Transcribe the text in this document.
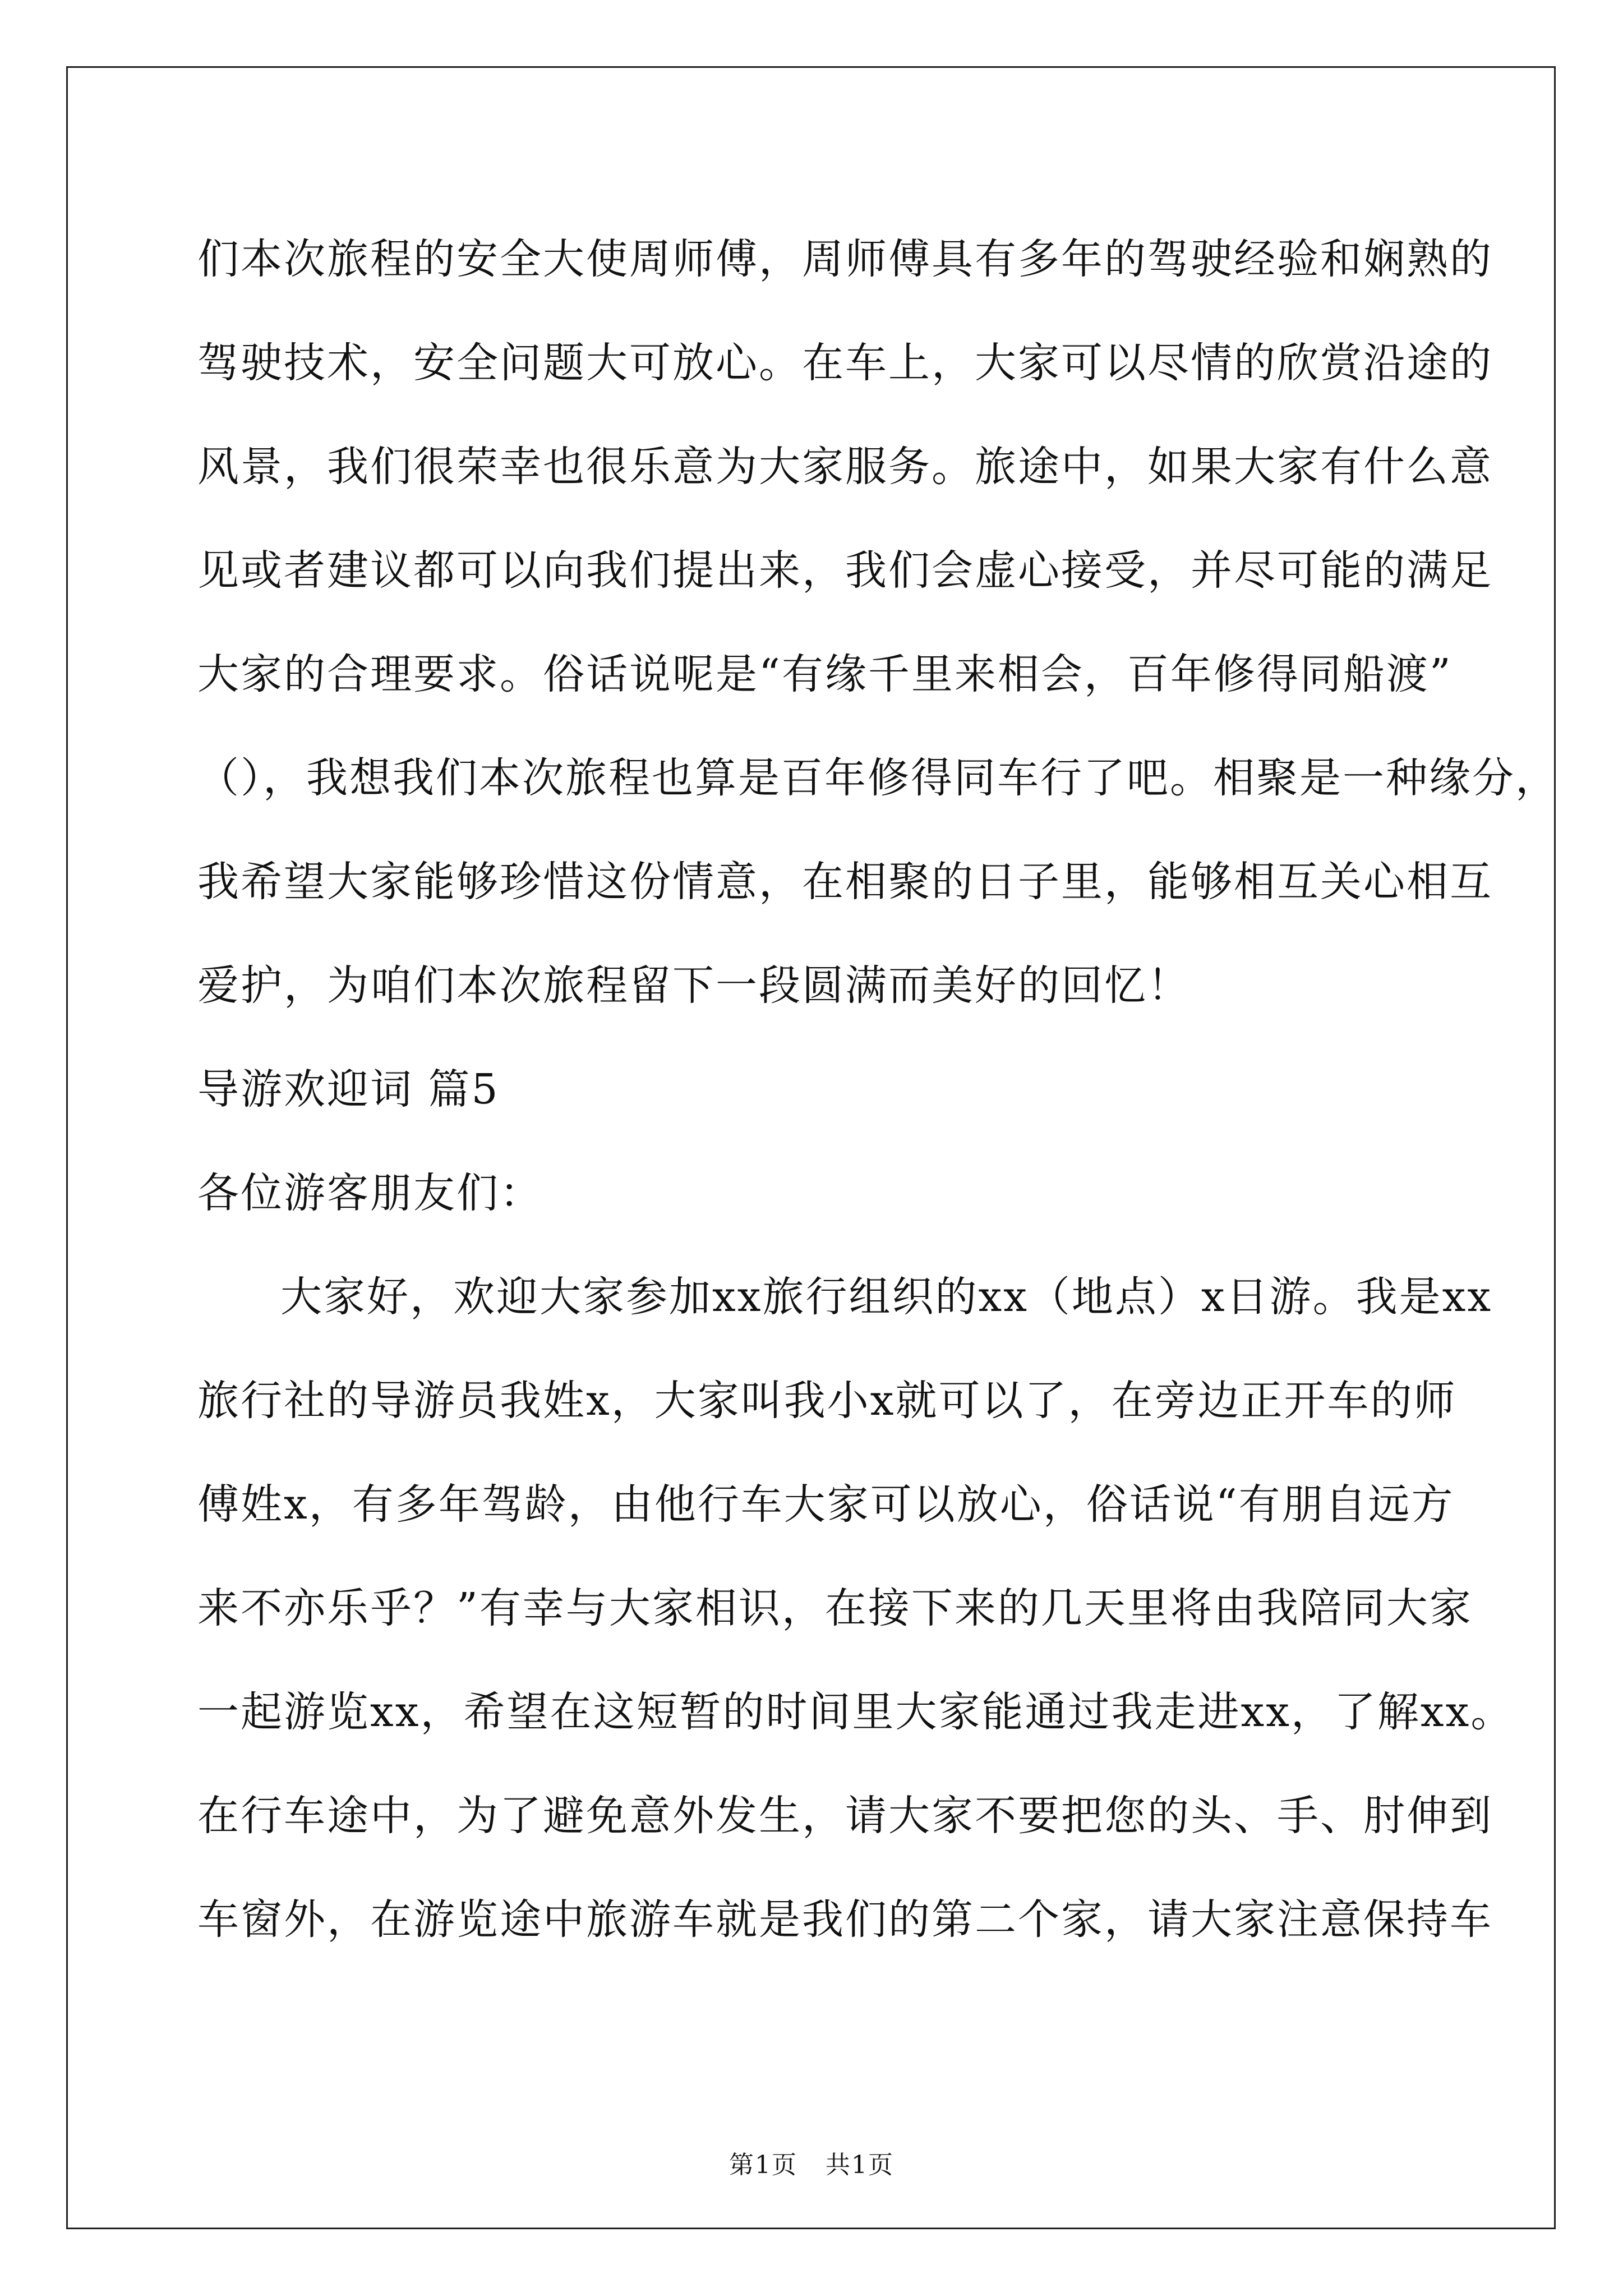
们本次旅程的安全大使周师傅，周师傅具有多年的驾驶经验和娴熟的
驾驶技术，安全问题大可放心。在车上，大家可以尽情的欣赏沿途的
风景，我们很荣幸也很乐意为大家服务。旅途中，如果大家有什么意
见或者建议都可以向我们提出来，我们会虚心接受，并尽可能的满足
大家的合理要求。俗话说呢是“有缘千里来相会，百年修得同船渡”
（），我想我们本次旅程也算是百年修得同车行了吧。相聚是一种缘分，
我希望大家能够珍惜这份情意，在相聚的日子里，能够相互关心相互
爱护，为咱们本次旅程留下一段圆满而美好的回忆！
导游欢迎词 篇5
各位游客朋友们：
大家好，欢迎大家参加xx旅行组织的xx（地点）x日游。我是xx
旅行社的导游员我姓x，大家叫我小x就可以了，在旁边正开车的师
傅姓x，有多年驾龄，由他行车大家可以放心，俗话说“有朋自远方
来不亦乐乎？”有幸与大家相识，在接下来的几天里将由我陪同大家
一起游览xx，希望在这短暂的时间里大家能通过我走进xx，了解xx。
在行车途中，为了避免意外发生，请大家不要把您的头、手、肘伸到
车窗外，在游览途中旅游车就是我们的第二个家，请大家注意保持车
第1页 共1页
